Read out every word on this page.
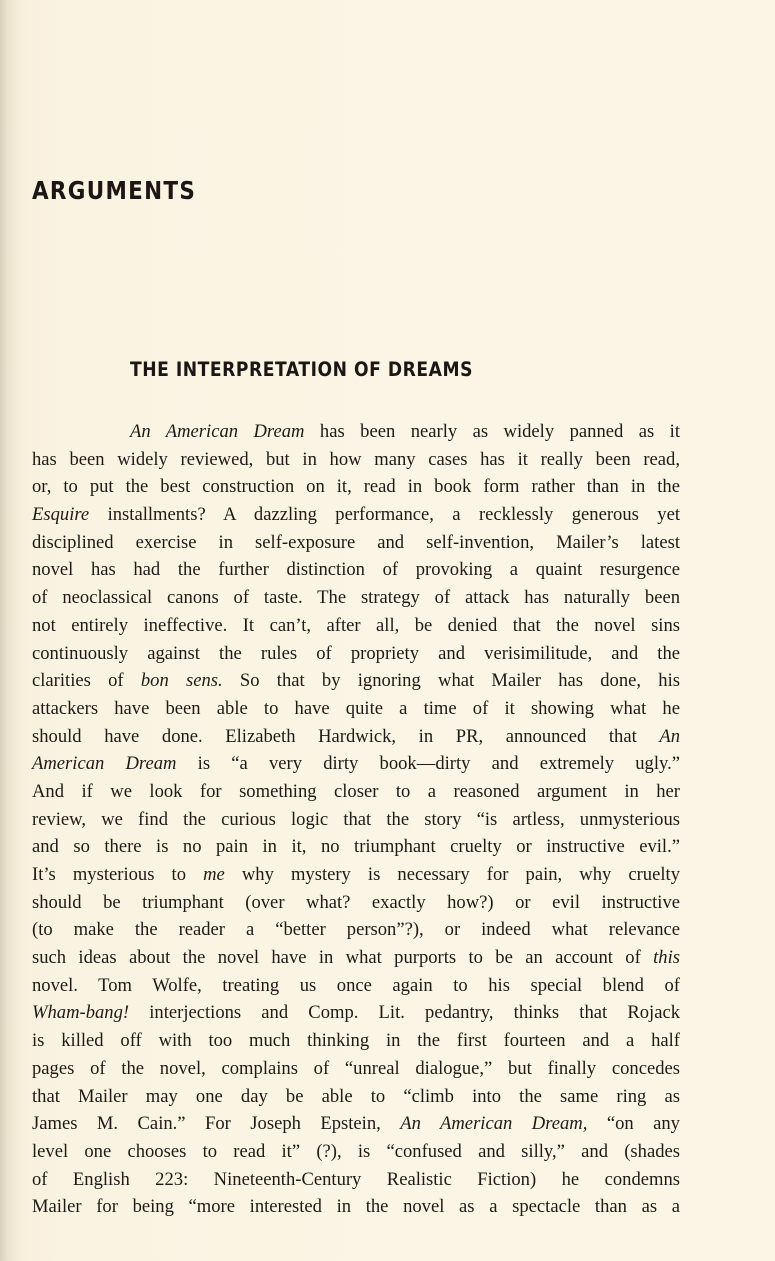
ARGUMENTS
THE INTERPRETATION OF DREAMS
An American Dream has been nearly as widely panned as it
has been widely reviewed, but in how many cases has it really been read,
or, to put the best construction on it, read in book form rather than in the
Esquire installments? A dazzling performance, a recklessly generous yet
disciplined exercise in self-exposure and self-invention, Mailer’s latest
novel has had the further distinction of provoking a quaint resurgence
of neoclassical canons of taste. The strategy of attack has naturally been
not entirely ineffective. It can’t, after all, be denied that the novel sins
continuously against the rules of propriety and verisimilitude, and the
clarities of bon sens. So that by ignoring what Mailer has done, his
attackers have been able to have quite a time of it showing what he
should have done. Elizabeth Hardwick, in PR, announced that An
American Dream is “a very dirty book—dirty and extremely ugly.”
And if we look for something closer to a reasoned argument in her
review, we find the curious logic that the story “is artless, unmysterious
and so there is no pain in it, no triumphant cruelty or instructive evil.”
It’s mysterious to me why mystery is necessary for pain, why cruelty
should be triumphant (over what? exactly how?) or evil instructive
(to make the reader a “better person”?), or indeed what relevance
such ideas about the novel have in what purports to be an account of this
novel. Tom Wolfe, treating us once again to his special blend of
Wham-bang! interjections and Comp. Lit. pedantry, thinks that Rojack
is killed off with too much thinking in the first fourteen and a half
pages of the novel, complains of “unreal dialogue,” but finally concedes
that Mailer may one day be able to “climb into the same ring as
James M. Cain.” For Joseph Epstein, An American Dream, “on any
level one chooses to read it” (?), is “confused and silly,” and (shades
of English 223: Nineteenth-Century Realistic Fiction) he condemns
Mailer for being “more interested in the novel as a spectacle than as a
